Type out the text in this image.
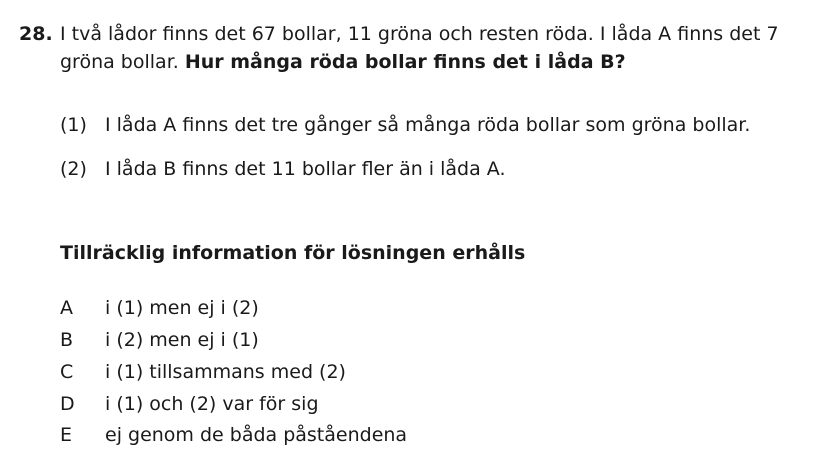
28. I två lådor finns det 67 bollar, 11 gröna och resten röda. I låda A finns det 7 gröna bollar. Hur många röda bollar finns det i låda B?
(1) I låda A finns det tre gånger så många röda bollar som gröna bollar.
(2) I låda B finns det 11 bollar fler än i låda A.
Tillräcklig information för lösningen erhålls
A i (1) men ej i (2)
B i (2) men ej i (1)
C i (1) tillsammans med (2)
D i (1) och (2) var för sig
E ej genom de båda påståendena
